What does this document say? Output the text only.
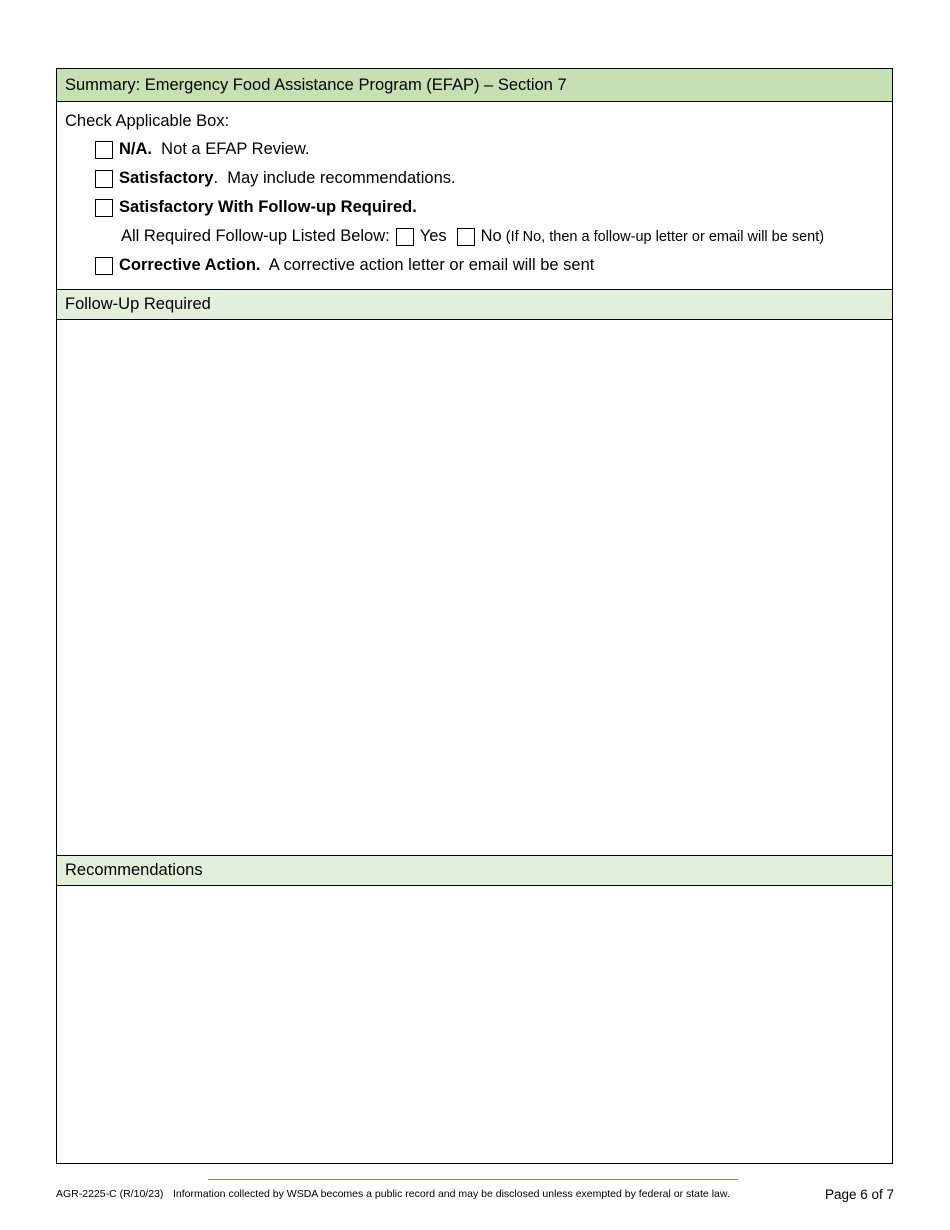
Summary: Emergency Food Assistance Program (EFAP) – Section 7
Check Applicable Box:
N/A. Not a EFAP Review.
Satisfactory .  May include recommendations.
Satisfactory With Follow-up Required.
All Required Follow-up Listed Below: Yes No (If No, then a follow-up letter or email will be sent)
Corrective Action. A corrective action letter or email will be sent
Follow-Up Required
Recommendations
AGR-2225-C (R/10/23) Information collected by WSDA becomes a public record and may be disclosed unless exempted by federal or state law.	Page 6 of 7
